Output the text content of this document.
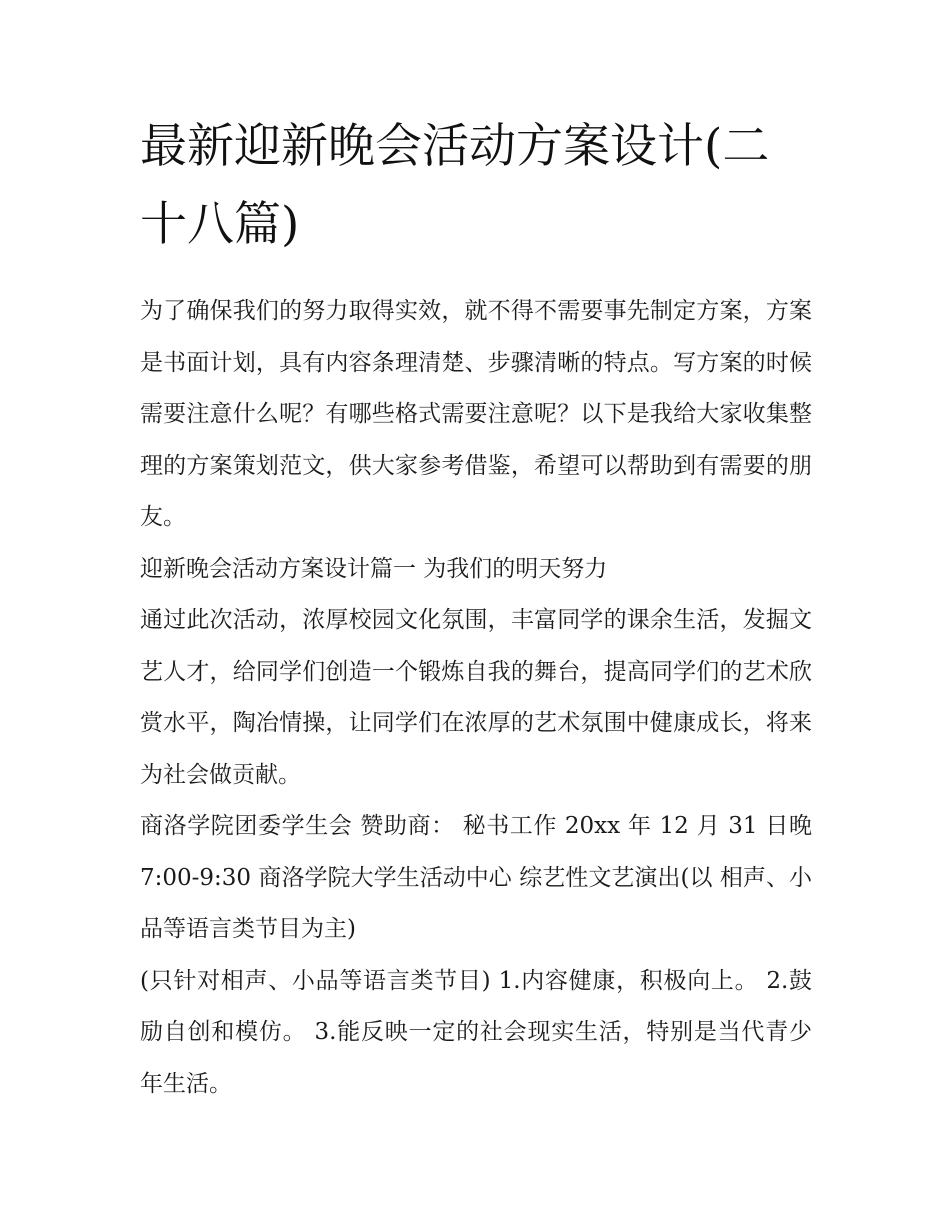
最新迎新晚会活动方案设计(二十八篇)

为了确保我们的努力取得实效，就不得不需要事先制定方案，方案是书面计划，具有内容条理清楚、步骤清晰的特点。写方案的时候需要注意什么呢？有哪些格式需要注意呢？以下是我给大家收集整理的方案策划范文，供大家参考借鉴，希望可以帮助到有需要的朋友。

迎新晚会活动方案设计篇一 为我们的明天努力

通过此次活动，浓厚校园文化氛围，丰富同学的课余生活，发掘文艺人才，给同学们创造一个锻炼自我的舞台，提高同学们的艺术欣赏水平，陶冶情操，让同学们在浓厚的艺术氛围中健康成长，将来为社会做贡献。

商洛学院团委学生会 赞助商： 秘书工作 20xx 年 12 月 31 日晚 7:00-9:30 商洛学院大学生活动中心 综艺性文艺演出(以 相声、小品等语言类节目为主)

(只针对相声、小品等语言类节目) 1.内容健康，积极向上。 2.鼓励自创和模仿。 3.能反映一定的社会现实生活，特别是当代青少年生活。
